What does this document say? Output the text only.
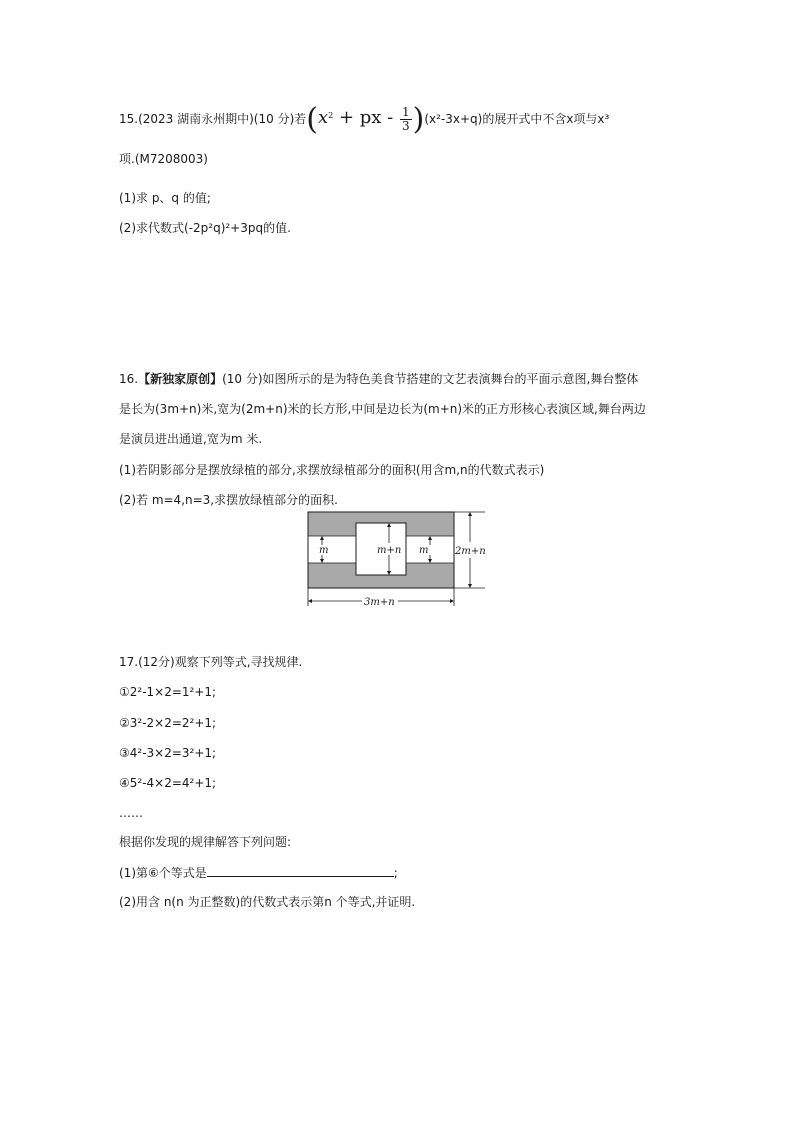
15.(2023 湖南永州期中)(10 分)若($x^2$ + px - $\frac{1}{3} )(x^2-3x+q)$的展开式中不含x项与x³
项.(M7208003)
(1)求 p、q 的值;
(2)求代数式(-2p²q)²+3pq的值.
16.【新独家原创】(10 分)如图所示的是为特色美食节搭建的文艺表演舞台的平面示意图,舞台整体
是长为(3m+n)米,宽为(2m+n)米的长方形,中间是边长为(m+n)米的正方形核心表演区域,舞台两边
是演员进出通道,宽为m 米.
(1)若阴影部分是摆放绿植的部分,求摆放绿植部分的面积(用含m,n的代数式表示)
(2)若 m=4,n=3,求摆放绿植部分的面积.
m	m+n m	2m+n
3m+n
17.(12分)观察下列等式,寻找规律.
①2²-1×2=1²+1;
②3²-2×2=2²+1;
③4²-3×2=3²+1;
④5²-4×2=4²+1;
……
根据你发现的规律解答下列问题:
(1)第⑥个等式是	;
(2)用含 n(n 为正整数)的代数式表示第n 个等式,并证明.
